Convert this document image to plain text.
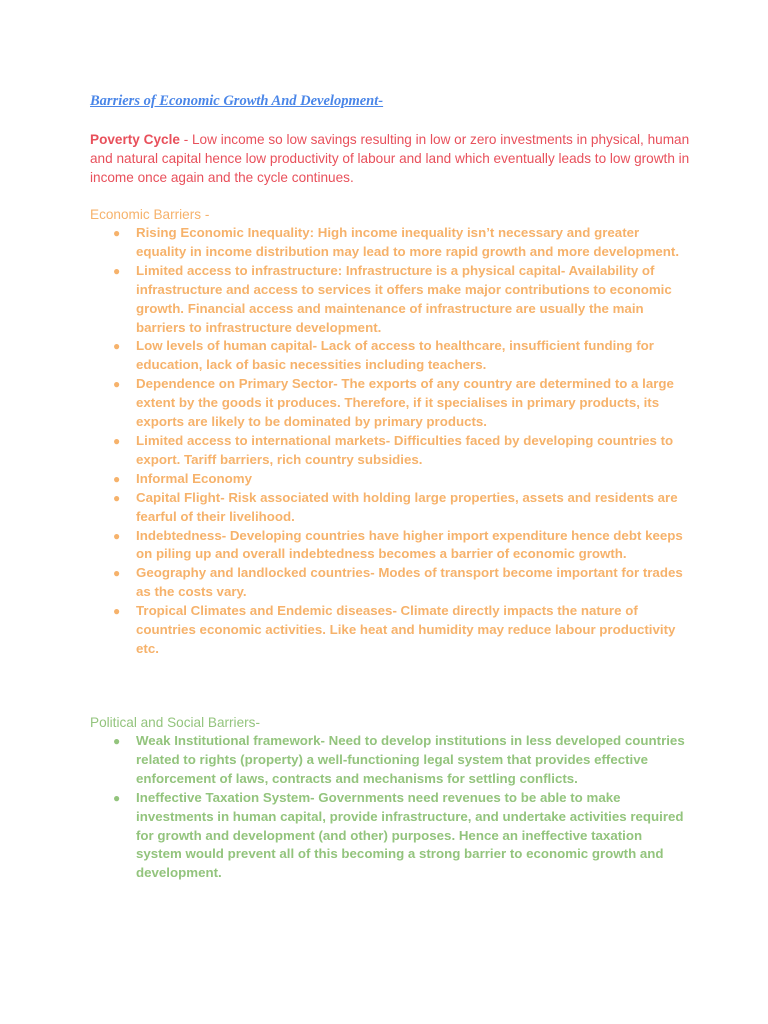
Barriers of Economic Growth And Development-

Poverty Cycle - Low income so low savings resulting in low or zero investments in physical, human and natural capital hence low productivity of labour and land which eventually leads to low growth in income once again and the cycle continues.

Economic Barriers -
● Rising Economic Inequality: High income inequality isn’t necessary and greater equality in income distribution may lead to more rapid growth and more development.
● Limited access to infrastructure: Infrastructure is a physical capital- Availability of infrastructure and access to services it offers make major contributions to economic growth. Financial access and maintenance of infrastructure are usually the main barriers to infrastructure development.
● Low levels of human capital- Lack of access to healthcare, insufficient funding for education, lack of basic necessities including teachers.
● Dependence on Primary Sector- The exports of any country are determined to a large extent by the goods it produces. Therefore, if it specialises in primary products, its exports are likely to be dominated by primary products.
● Limited access to international markets- Difficulties faced by developing countries to export. Tariff barriers, rich country subsidies.
● Informal Economy
● Capital Flight- Risk associated with holding large properties, assets and residents are fearful of their livelihood.
● Indebtedness- Developing countries have higher import expenditure hence debt keeps on piling up and overall indebtedness becomes a barrier of economic growth.
● Geography and landlocked countries- Modes of transport become important for trades as the costs vary.
● Tropical Climates and Endemic diseases- Climate directly impacts the nature of countries economic activities. Like heat and humidity may reduce labour productivity etc.
Political and Social Barriers-
● Weak Institutional framework- Need to develop institutions in less developed countries related to rights (property) a well-functioning legal system that provides effective enforcement of laws, contracts and mechanisms for settling conflicts.
● Ineffective Taxation System- Governments need revenues to be able to make investments in human capital, provide infrastructure, and undertake activities required for growth and development (and other) purposes. Hence an ineffective taxation system would prevent all of this becoming a strong barrier to economic growth and development.
